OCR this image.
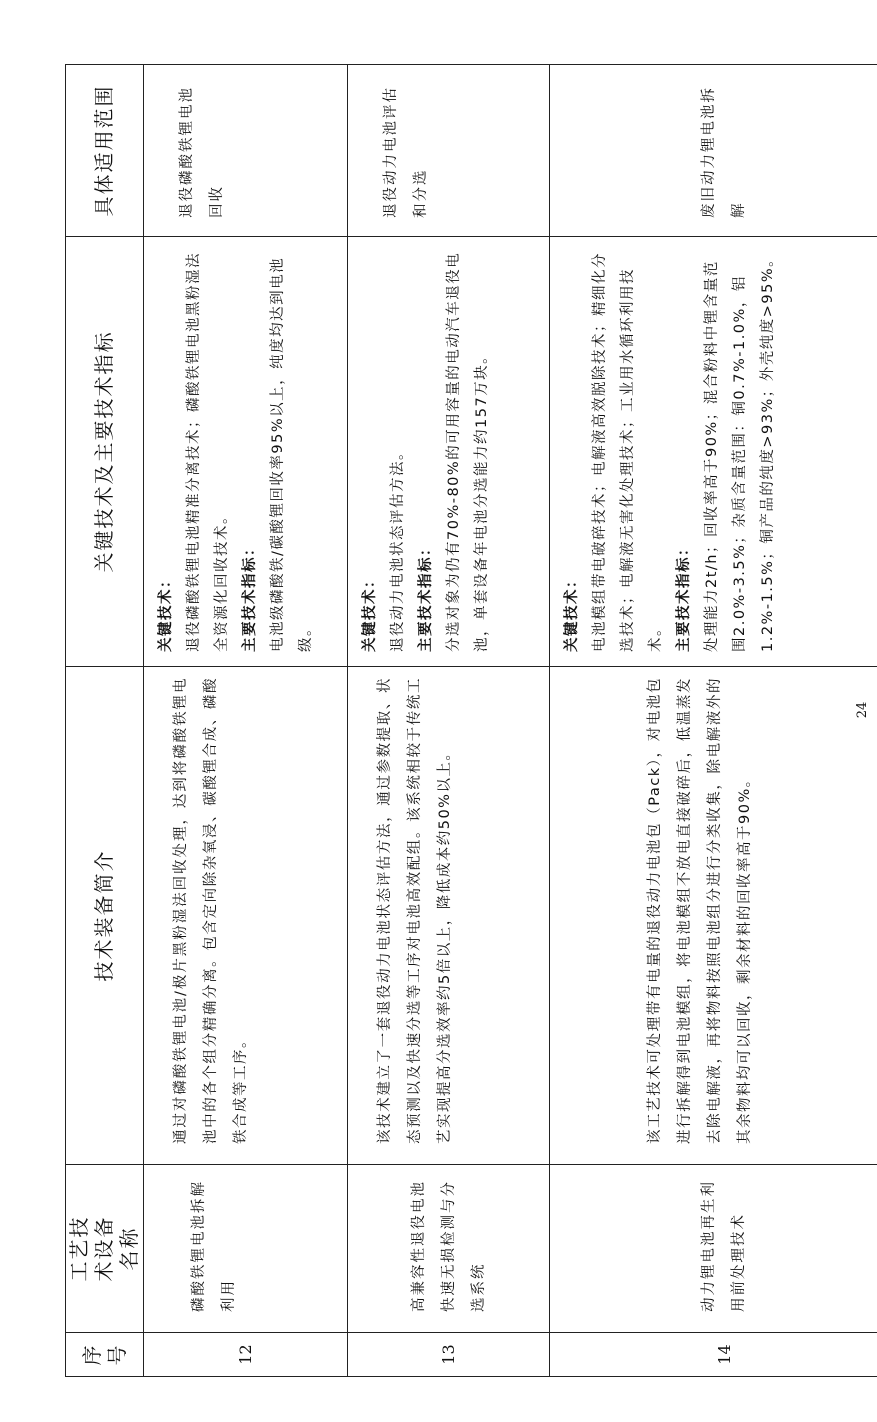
序号	工艺技术设备名称	技术装备简介	关键技术及主要技术指标	具体适用范围
12	磷酸铁锂电池拆解利用	通过对磷酸铁锂电池/极片黑粉湿法回收处理，达到将磷酸铁锂电池中的各个组分精确分离。包含定向除杂氧浸、碳酸锂合成、磷酸铁合成等工序。	关键技术： 退役磷酸铁锂电池精准分离技术；磷酸铁锂电池黑粉湿法全资源化回收技术。 主要技术指标： 电池级磷酸铁/碳酸锂回收率95%以上，纯度均达到电池级。	退役磷酸铁锂电池回收
13	高兼容性退役电池快速无损检测与分选系统	该技术建立了一套退役动力电池状态评估方法，通过参数提取、状态预测以及快速分选等工序对电池高效配组。该系统相较于传统工艺实现提高分选效率约5倍以上，降低成本约50%以上。	关键技术： 退役动力电池状态评估方法。 主要技术指标： 分选对象为仍有70%-80%的可用容量的电动汽车退役电池，单套设备年电池分选能力约157万块。	退役动力电池评估和分选
14	动力锂电池再生利用前处理技术	该工艺技术可处理带有电量的退役动力电池包（Pack），对电池包进行拆解得到电池模组，将电池模组不放电直接破碎后，低温蒸发去除电解液，再将物料按照电池组分进行分类收集，除电解液外的其余物料均可以回收，剩余材料的回收率高于90%。	关键技术： 电池模组带电破碎技术；电解液高效脱除技术；精细化分选技术；电解液无害化处理技术；工业用水循环利用技术。 主要技术指标： 处理能力2t/h；回收率高于90%；混合粉料中锂含量范围2.0%-3.5%；杂质含量范围：铜0.7%-1.0%，铝1.2%-1.5%；铜产品的纯度>93%；外壳纯度>95%。	废旧动力锂电池拆解
24
